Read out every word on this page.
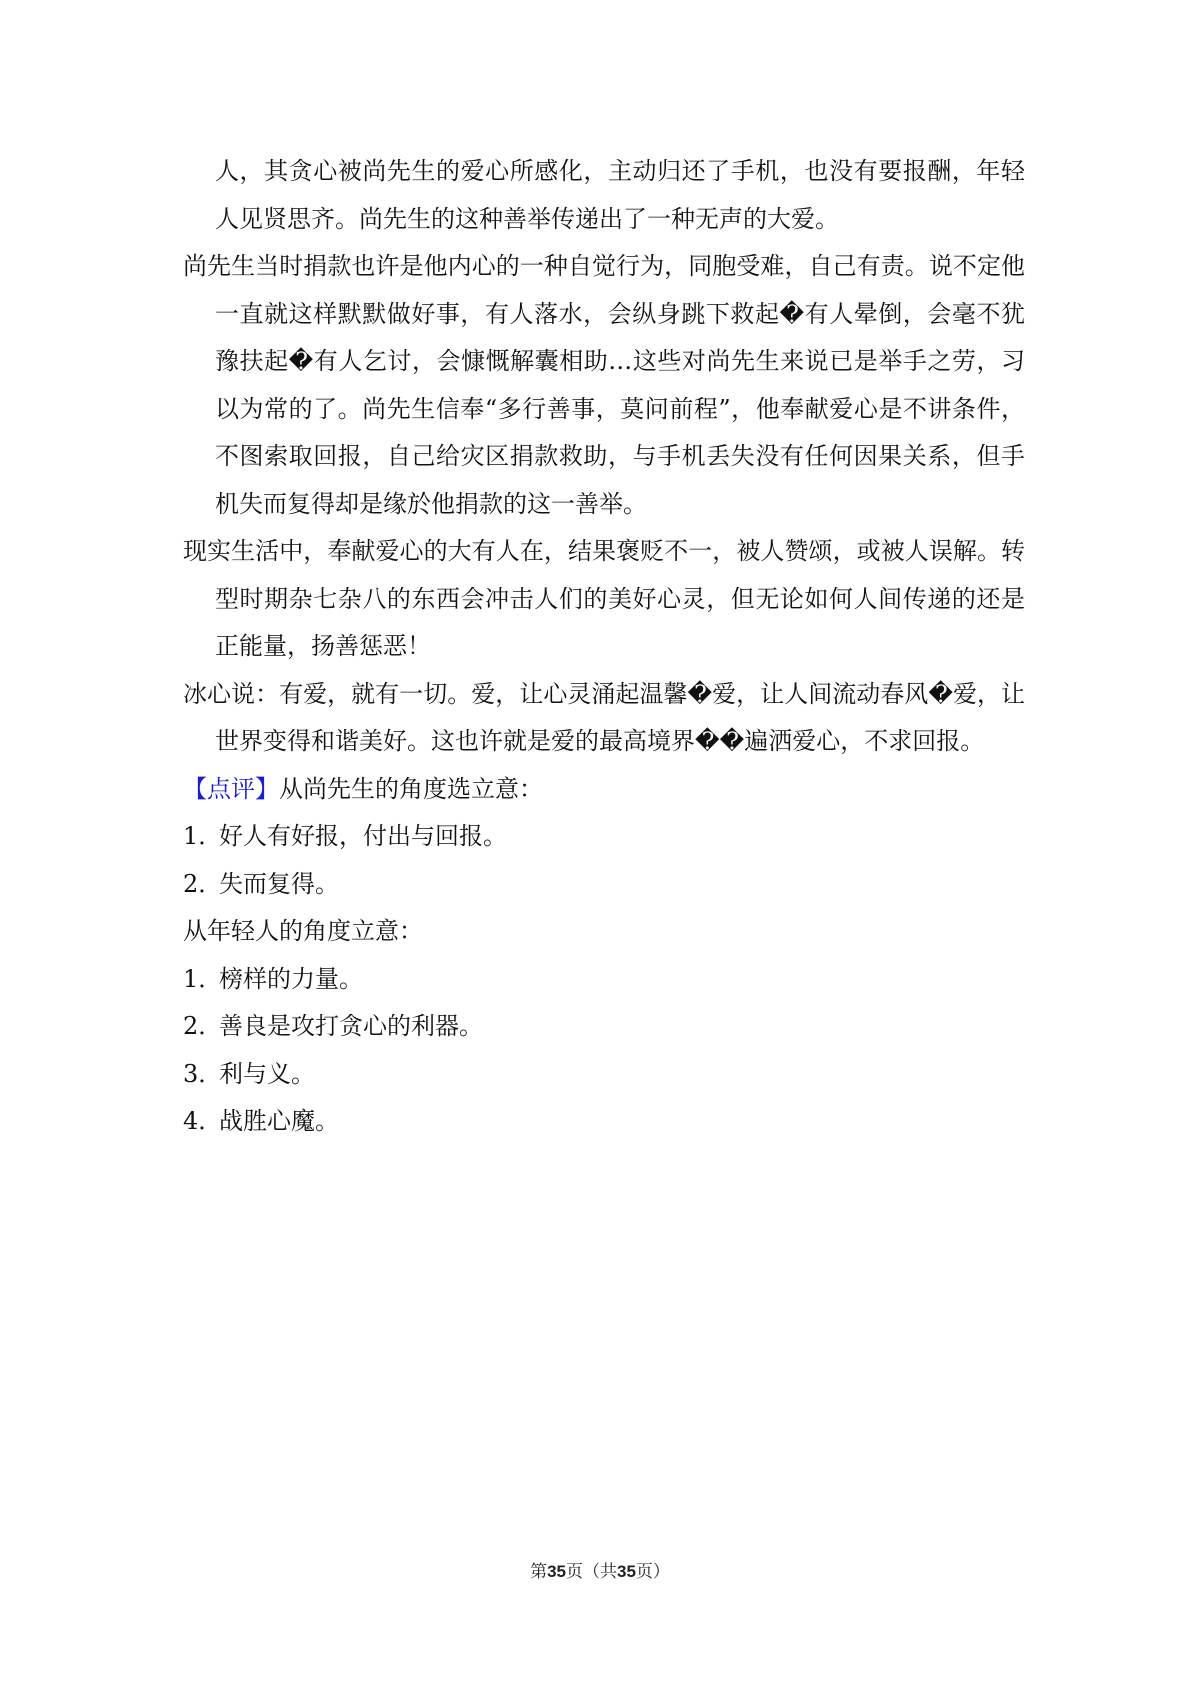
人，其贪心被尚先生的爱心所感化，主动归还了手机，也没有要报酬，年轻人见贤思齐。尚先生的这种善举传递出了一种无声的大爱。

尚先生当时捐款也许是他内心的一种自觉行为，同胞受难，自己有责。说不定他一直就这样默默做好事，有人落水，会纵身跳下救起�有人晕倒，会毫不犹豫扶起�有人乞讨，会慷慨解囊相助…这些对尚先生来说已是举手之劳，习以为常的了。尚先生信奉“多行善事，莫问前程”，他奉献爱心是不讲条件，不图索取回报，自己给灾区捐款救助，与手机丢失没有任何因果关系，但手机失而复得却是缘於他捐款的这一善举。

现实生活中，奉献爱心的大有人在，结果褒贬不一，被人赞颂，或被人误解。转型时期杂七杂八的东西会冲击人们的美好心灵，但无论如何人间传递的还是正能量，扬善惩恶！

冰心说：有爱，就有一切。爱，让心灵涌起温馨�爱，让人间流动春风�爱，让世界变得和谐美好。这也许就是爱的最高境界��遍洒爱心，不求回报。

【点评】从尚先生的角度选立意：

1．好人有好报，付出与回报。

2．失而复得。

从年轻人的角度立意：

1．榜样的力量。

2．善良是攻打贪心的利器。

3．利与义。

4．战胜心魔。

第35页（共35页）
